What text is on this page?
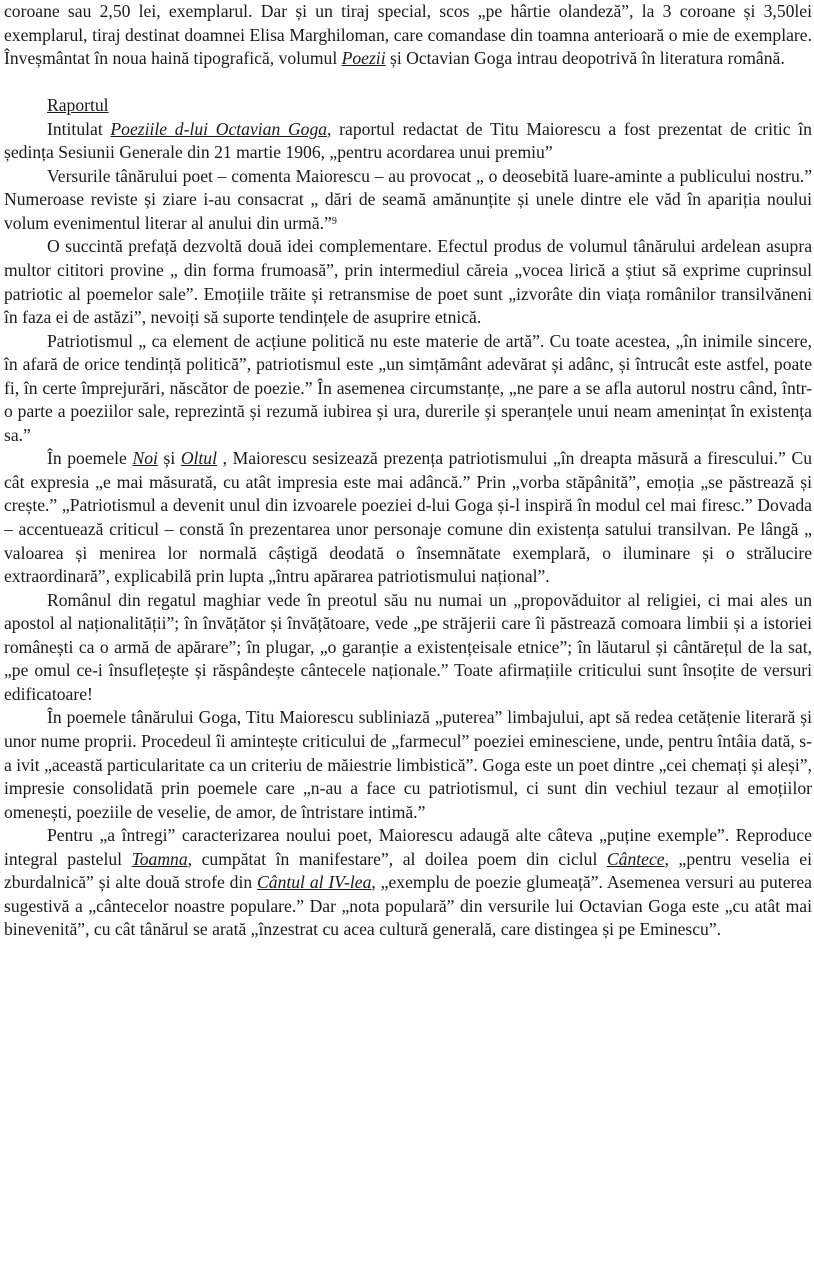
coroane sau 2,50 lei, exemplarul. Dar și un tiraj special, scos „pe hârtie olandeză”, la 3 coroane și 3,50lei exemplarul, tiraj destinat doamnei Elisa Marghiloman, care comandase din toamna anterioară o mie de exemplare. Înveșmântat în noua haină tipografică, volumul Poezii și Octavian Goga intrau deopotrivă în literatura română.

Raportul

Intitulat Poeziile d-lui Octavian Goga, raportul redactat de Titu Maiorescu a fost prezentat de critic în ședința Sesiunii Generale din 21 martie 1906, „pentru acordarea unui premiu”

Versurile tânărului poet – comenta Maiorescu – au provocat „ o deosebită luare-aminte a publicului nostru.” Numeroase reviste și ziare i-au consacrat „ dări de seamă amănunțite și unele dintre ele văd în apariția noului volum evenimentul literar al anului din urmă.”$^9$

O succintă prefață dezvoltă două idei complementare. Efectul produs de volumul tânărului ardelean asupra multor cititori provine „ din forma frumoasă”, prin intermediul căreia „vocea lirică a știut să exprime cuprinsul patriotic al poemelor sale”. Emoțiile trăite și retransmise de poet sunt „izvorâte din viața românilor transilvăneni în faza ei de astăzi”, nevoiți să suporte tendințele de asuprire etnică.

Patriotismul „ ca element de acțiune politică nu este materie de artă”. Cu toate acestea, „în inimile sincere, în afară de orice tendință politică”, patriotismul este „un simțământ adevărat și adânc, și întrucât este astfel, poate fi, în certe împrejurări, născător de poezie.” În asemenea circumstanțe, „ne pare a se afla autorul nostru când, într-o parte a poeziilor sale, reprezintă și rezumă iubirea și ura, durerile și speranțele unui neam amenințat în existența sa.”

În poemele Noi și Oltul , Maiorescu sesizează prezența patriotismului „în dreapta măsură a firescului.” Cu cât expresia „e mai măsurată, cu atât impresia este mai adâncă.” Prin „vorba stăpânită”, emoția „se păstrează și crește.” „Patriotismul a devenit unul din izvoarele poeziei d-lui Goga și-l inspiră în modul cel mai firesc.” Dovada – accentuează criticul – constă în prezentarea unor personaje comune din existența satului transilvan. Pe lângă „ valoarea și menirea lor normală câștigă deodată o însemnătate exemplară, o iluminare și o strălucire extraordinară”, explicabilă prin lupta „întru apărarea patriotismului național”.

Românul din regatul maghiar vede în preotul său nu numai un „propovăduitor al religiei, ci mai ales un apostol al naționalității”; în învățător și învățătoare, vede „pe străjerii care îi păstrează comoara limbii și a istoriei românești ca o armă de apărare”; în plugar, „o garanție a existențeisale etnice”; în lăutarul și cântărețul de la sat, „pe omul ce-i însuflețește și răspândește cântecele naționale.” Toate afirmațiile criticului sunt însoțite de versuri edificatoare!

În poemele tânărului Goga, Titu Maiorescu subliniază „puterea” limbajului, apt să redea cetățenie literară și unor nume proprii. Procedeul îi amintește criticului de „farmecul” poeziei eminesciene, unde, pentru întâia dată, s-a ivit „această particularitate ca un criteriu de măiestrie limbistică”. Goga este un poet dintre „cei chemați și aleși”, impresie consolidată prin poemele care „n-au a face cu patriotismul, ci sunt din vechiul tezaur al emoțiilor omenești, poeziile de veselie, de amor, de întristare intimă.”

Pentru „a întregi” caracterizarea noului poet, Maiorescu adaugă alte câteva „puține exemple”. Reproduce integral pastelul Toamna, cumpătat în manifestare”, al doilea poem din ciclul Cântece, „pentru veselia ei zburdalnică” și alte două strofe din Cântul al IV-lea, „exemplu de poezie glumeață”. Asemenea versuri au puterea sugestivă a „cântecelor noastre populare.” Dar „nota populară” din versurile lui Octavian Goga este „cu atât mai binevenită”, cu cât tânărul se arată „înzestrat cu acea cultură generală, care distingea și pe Eminescu”.
